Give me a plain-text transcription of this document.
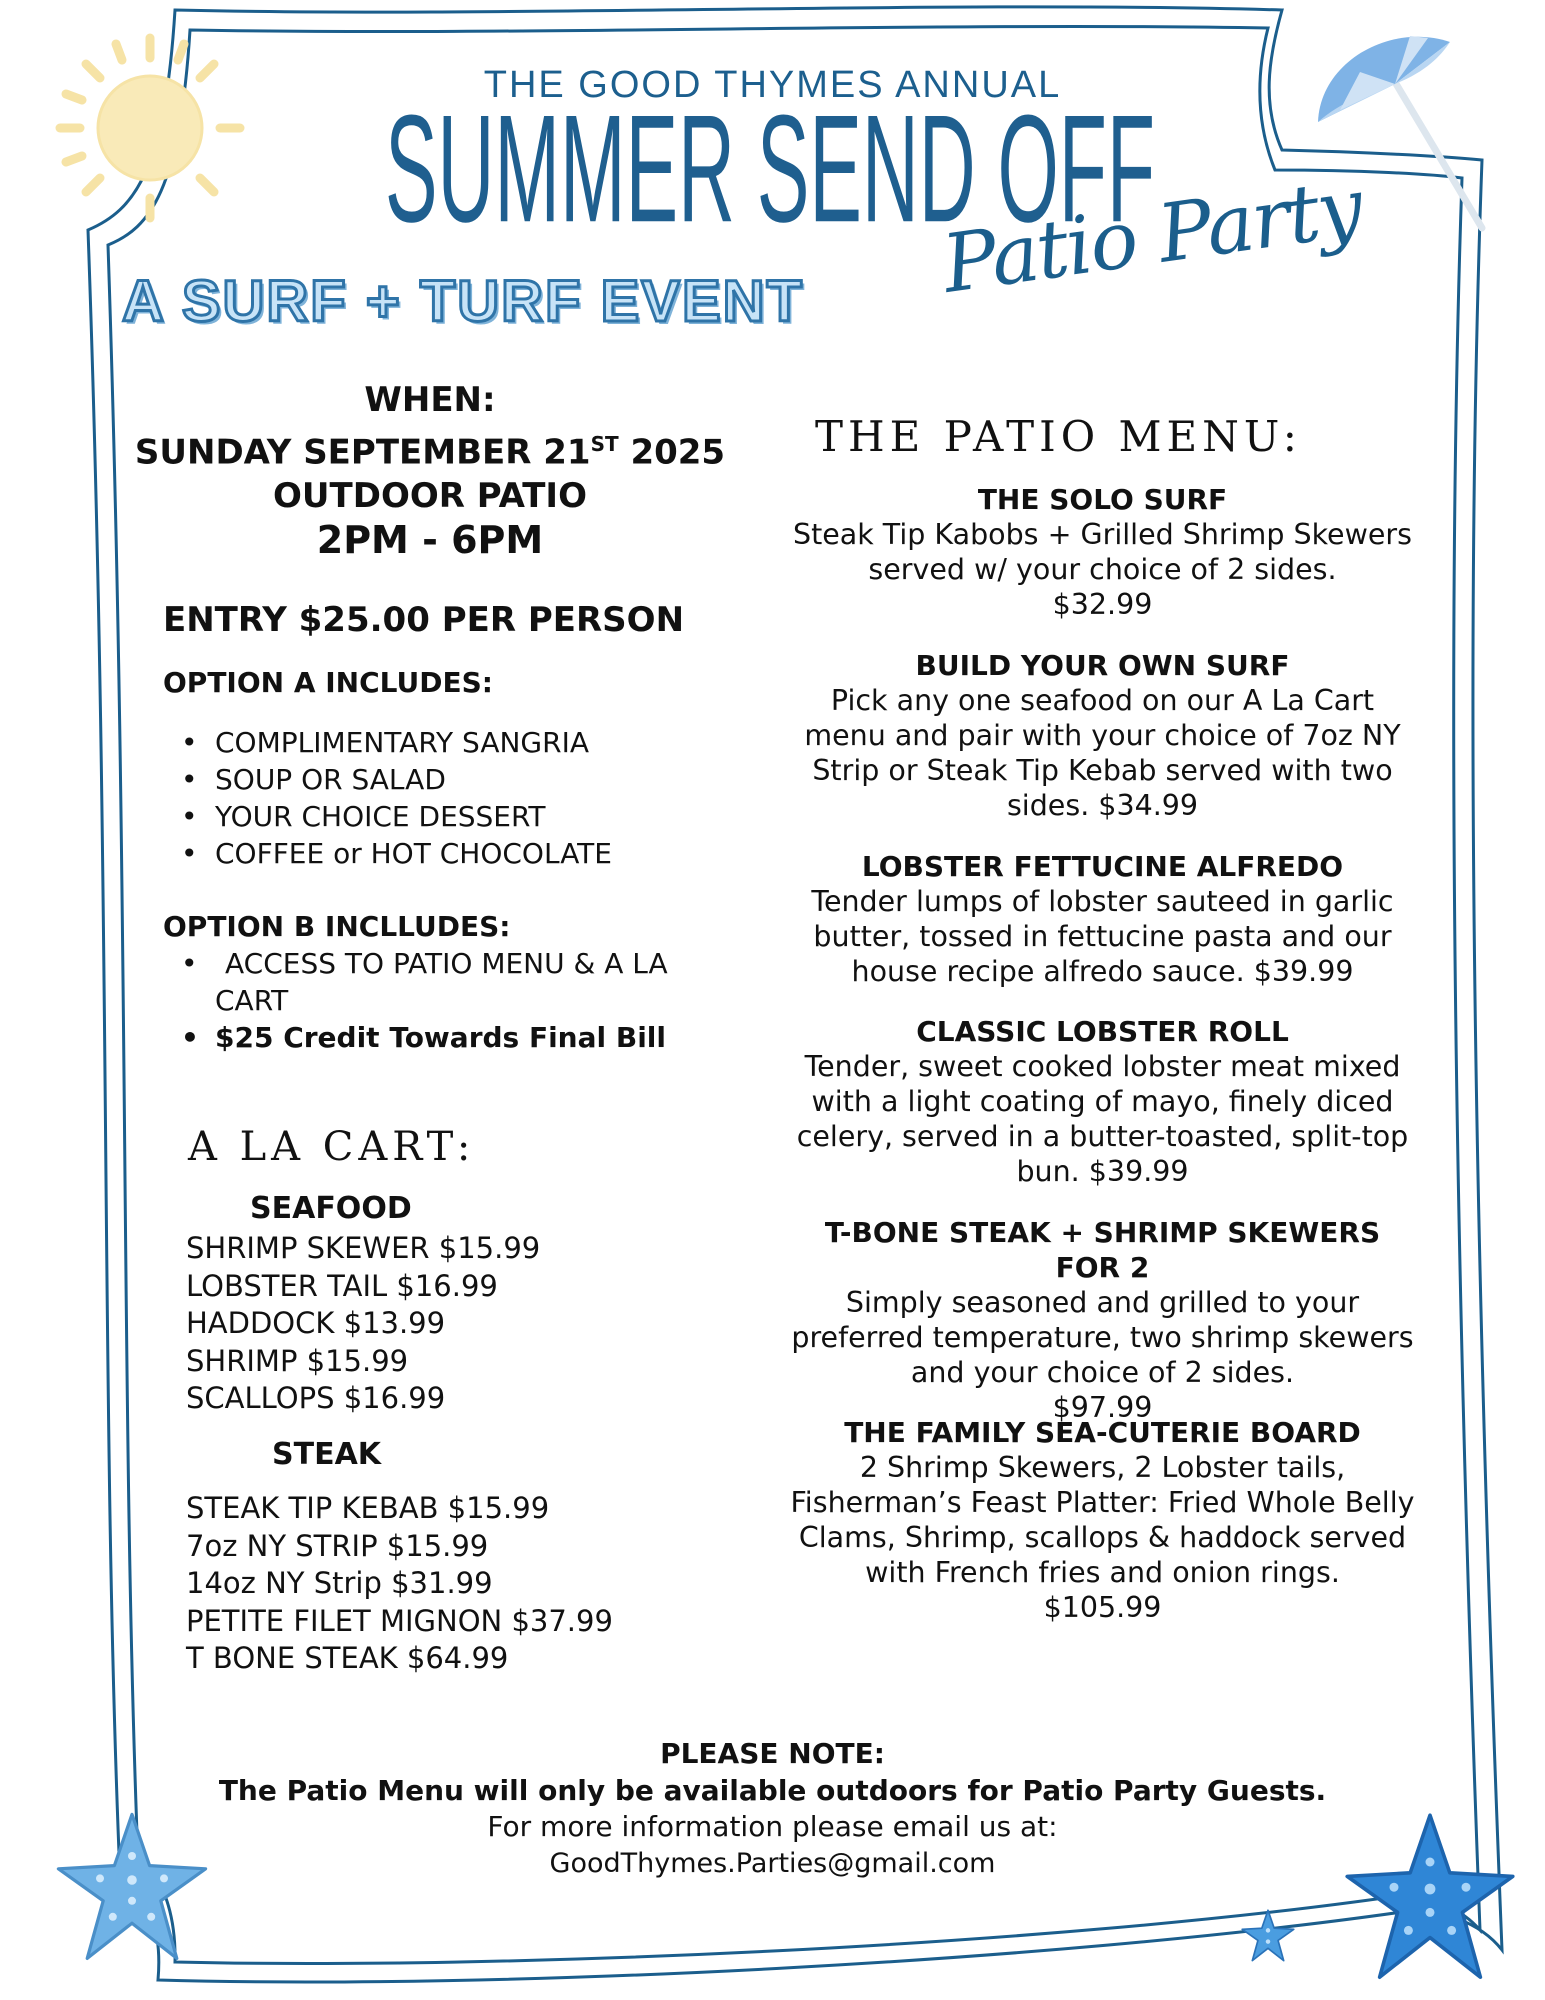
THE GOOD THYMES ANNUAL
SUMMER SEND OFF
A SURF + TURF EVENT Patio Party
WHEN:
SUNDAY SEPTEMBER 21ST 2025
OUTDOOR PATIO
2PM - 6PM
ENTRY $25.00 PER PERSON
OPTION A INCLUDES:
• COMPLIMENTARY SANGRIA
• SOUP OR SALAD
• YOUR CHOICE DESSERT
• COFFEE or HOT CHOCOLATE
OPTION B INCLLUDES:
• ACCESS TO PATIO MENU & A LA CART
• $25 Credit Towards Final Bill
A LA CART:
SEAFOOD
SHRIMP SKEWER $15.99
LOBSTER TAIL $16.99
HADDOCK $13.99
SHRIMP $15.99
SCALLOPS $16.99
STEAK
STEAK TIP KEBAB $15.99
7oz NY STRIP $15.99
14oz NY Strip $31.99
PETITE FILET MIGNON $37.99
T BONE STEAK $64.99
THE PATIO MENU:
THE SOLO SURF
Steak Tip Kabobs + Grilled Shrimp Skewers served w/ your choice of 2 sides.
$32.99
BUILD YOUR OWN SURF
Pick any one seafood on our A La Cart menu and pair with your choice of 7oz NY Strip or Steak Tip Kebab served with two sides. $34.99
LOBSTER FETTUCINE ALFREDO
Tender lumps of lobster sauteed in garlic butter, tossed in fettucine pasta and our house recipe alfredo sauce. $39.99
CLASSIC LOBSTER ROLL
Tender, sweet cooked lobster meat mixed with a light coating of mayo, finely diced celery, served in a butter-toasted, split-top bun. $39.99
T-BONE STEAK + SHRIMP SKEWERS FOR 2
Simply seasoned and grilled to your preferred temperature, two shrimp skewers and your choice of 2 sides.
$97.99
THE FAMILY SEA-CUTERIE BOARD
2 Shrimp Skewers, 2 Lobster tails, Fisherman’s Feast Platter: Fried Whole Belly Clams, Shrimp, scallops & haddock served with French fries and onion rings.
$105.99
PLEASE NOTE:
The Patio Menu will only be available outdoors for Patio Party Guests.
For more information please email us at:
GoodThymes.Parties@gmail.com
